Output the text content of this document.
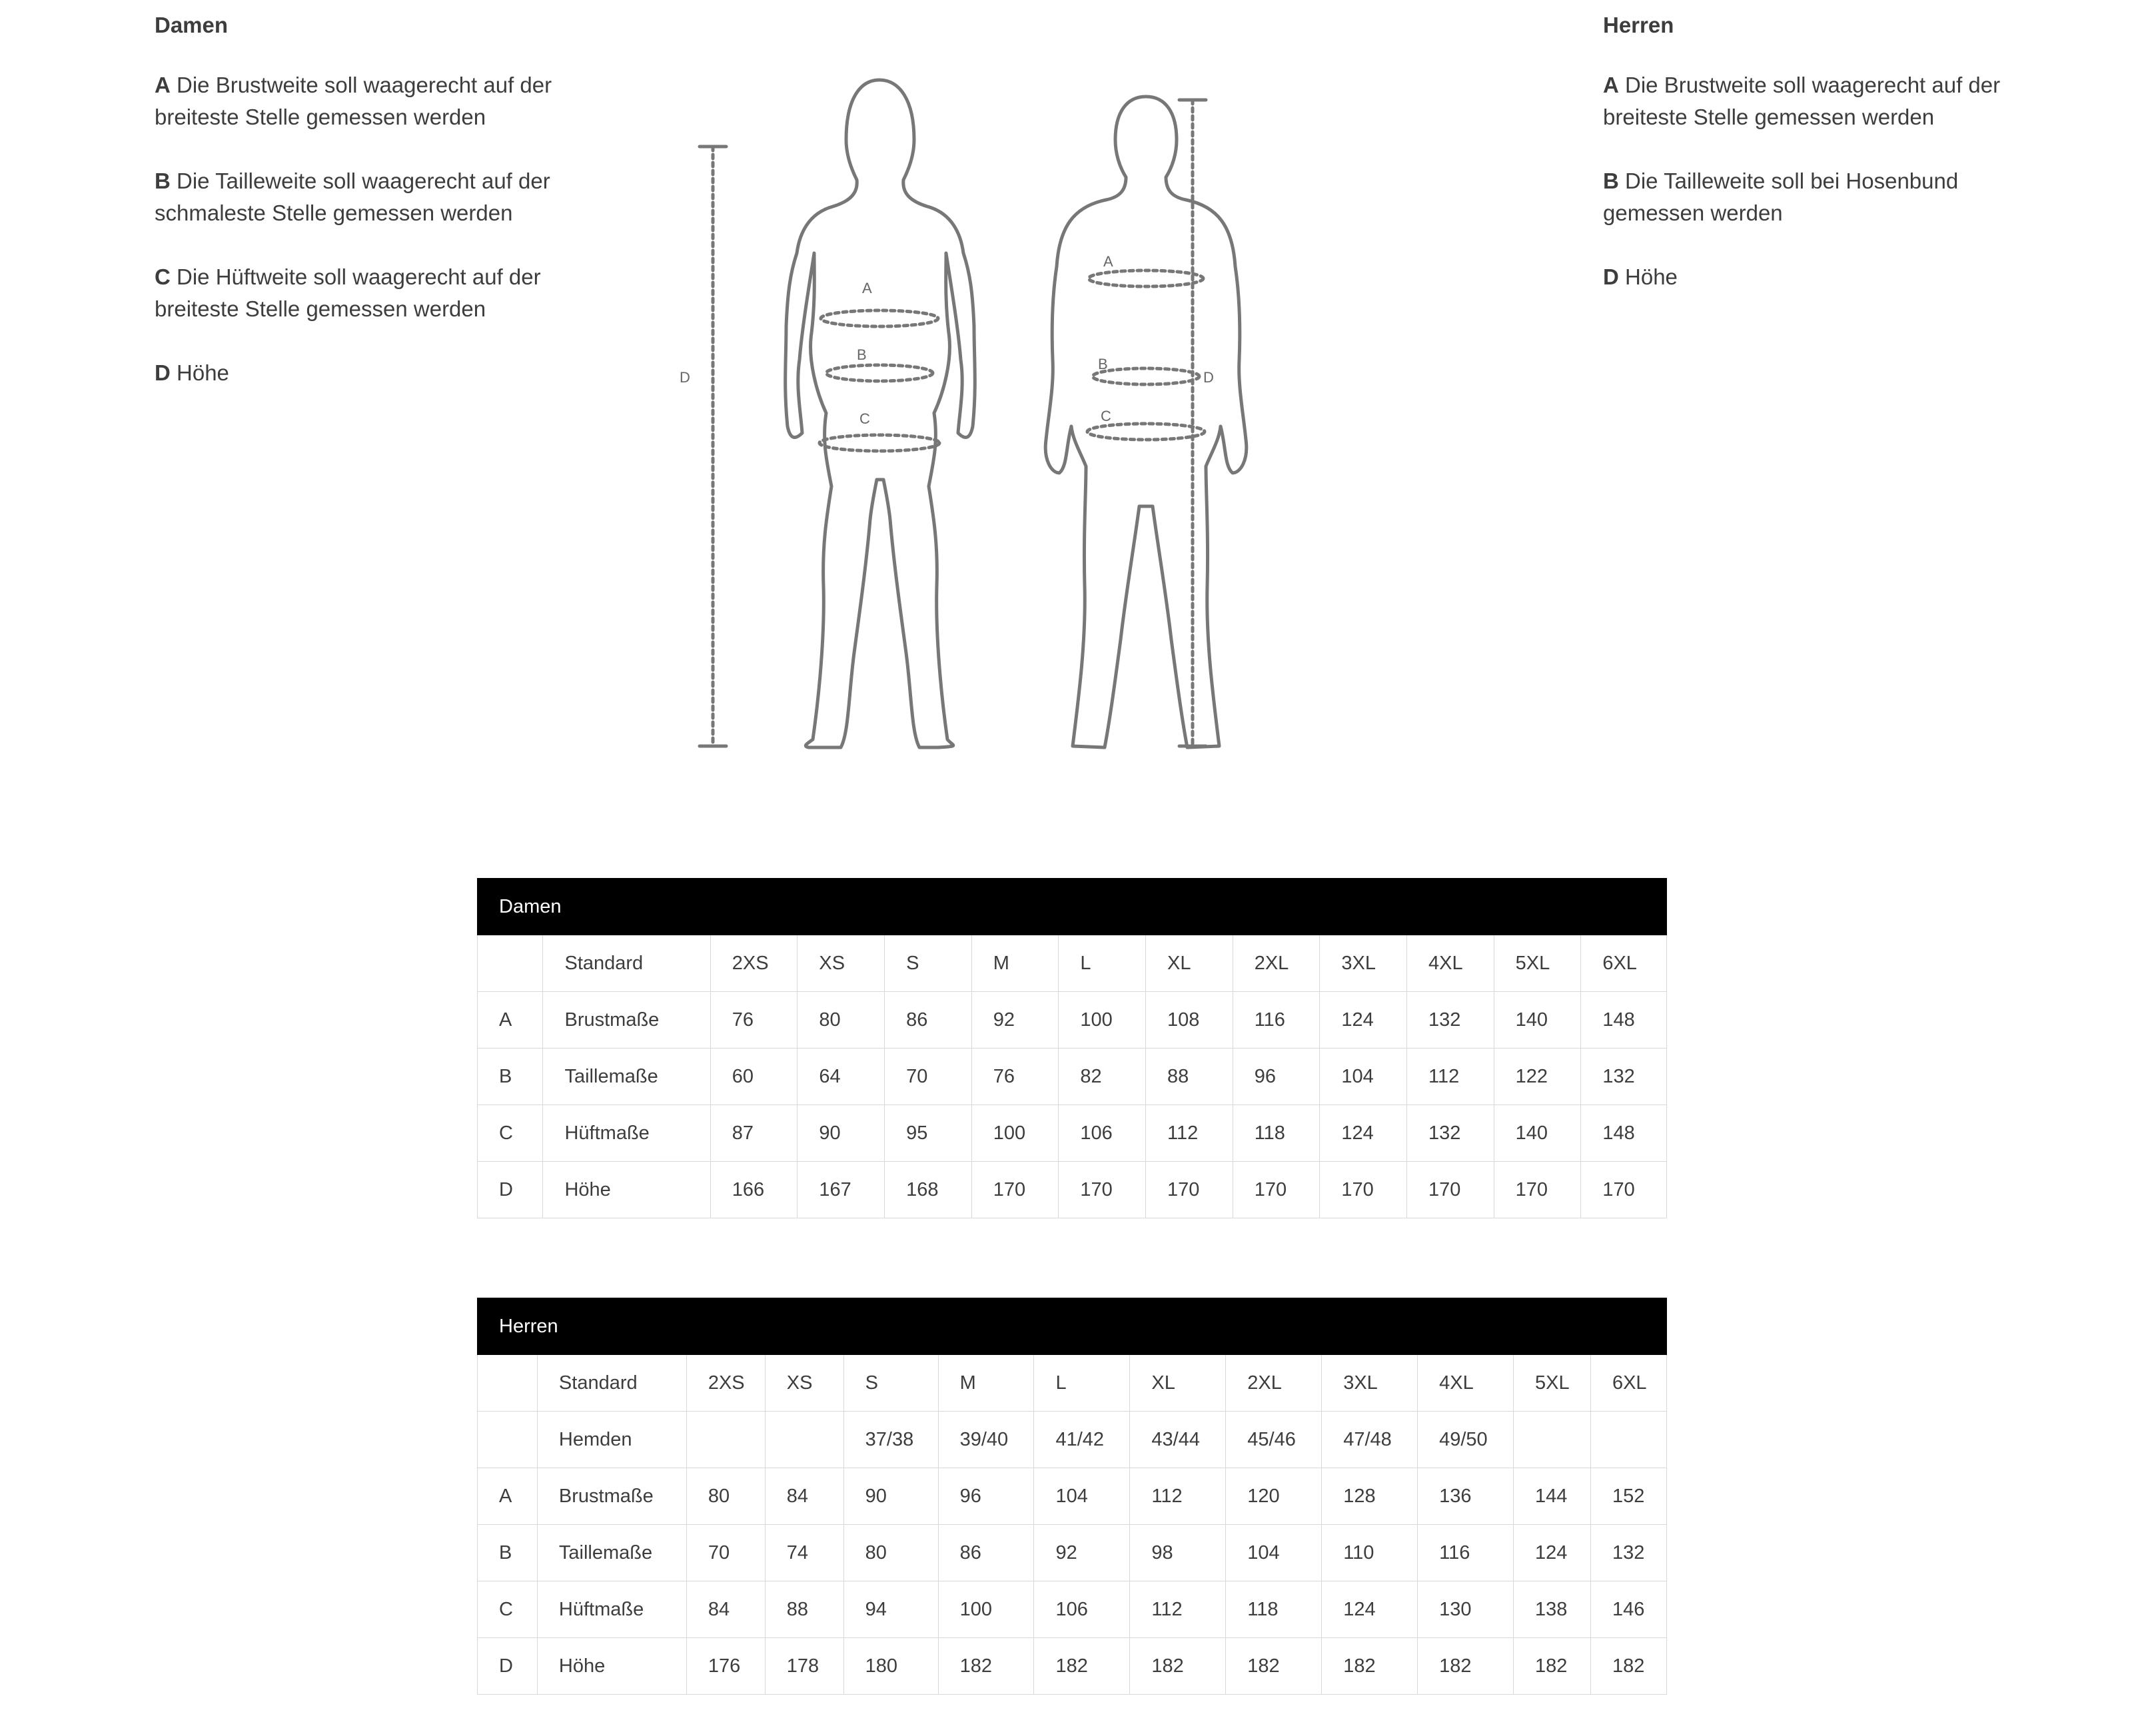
Damen

A Die Brustweite soll waagerecht auf der breiteste Stelle gemessen werden

B Die Tailleweite soll waagerecht auf der schmaleste Stelle gemessen werden

C Die Hüftweite soll waagerecht auf der breiteste Stelle gemessen werden

D Höhe

Herren

A Die Brustweite soll waagerecht auf der breiteste Stelle gemessen werden

B Die Tailleweite soll bei Hosenbund gemessen werden

D Höhe

D
A
B
C
A
B
C
D
Damen												
	Standard	2XS	XS	S	M	L	XL	2XL	3XL	4XL	5XL	6XL
A	Brustmaße	76	80	86	92	100	108	116	124	132	140	148
B	Taillemaße	60	64	70	76	82	88	96	104	112	122	132
C	Hüftmaße	87	90	95	100	106	112	118	124	132	140	148
D	Höhe	166	167	168	170	170	170	170	170	170	170	170
Herren												
	Standard	2XS	XS	S	M	L	XL	2XL	3XL	4XL	5XL	6XL
	Hemden			37/38	39/40	41/42	43/44	45/46	47/48	49/50		
A	Brustmaße	80	84	90	96	104	112	120	128	136	144	152
B	Taillemaße	70	74	80	86	92	98	104	110	116	124	132
C	Hüftmaße	84	88	94	100	106	112	118	124	130	138	146
D	Höhe	176	178	180	182	182	182	182	182	182	182	182
